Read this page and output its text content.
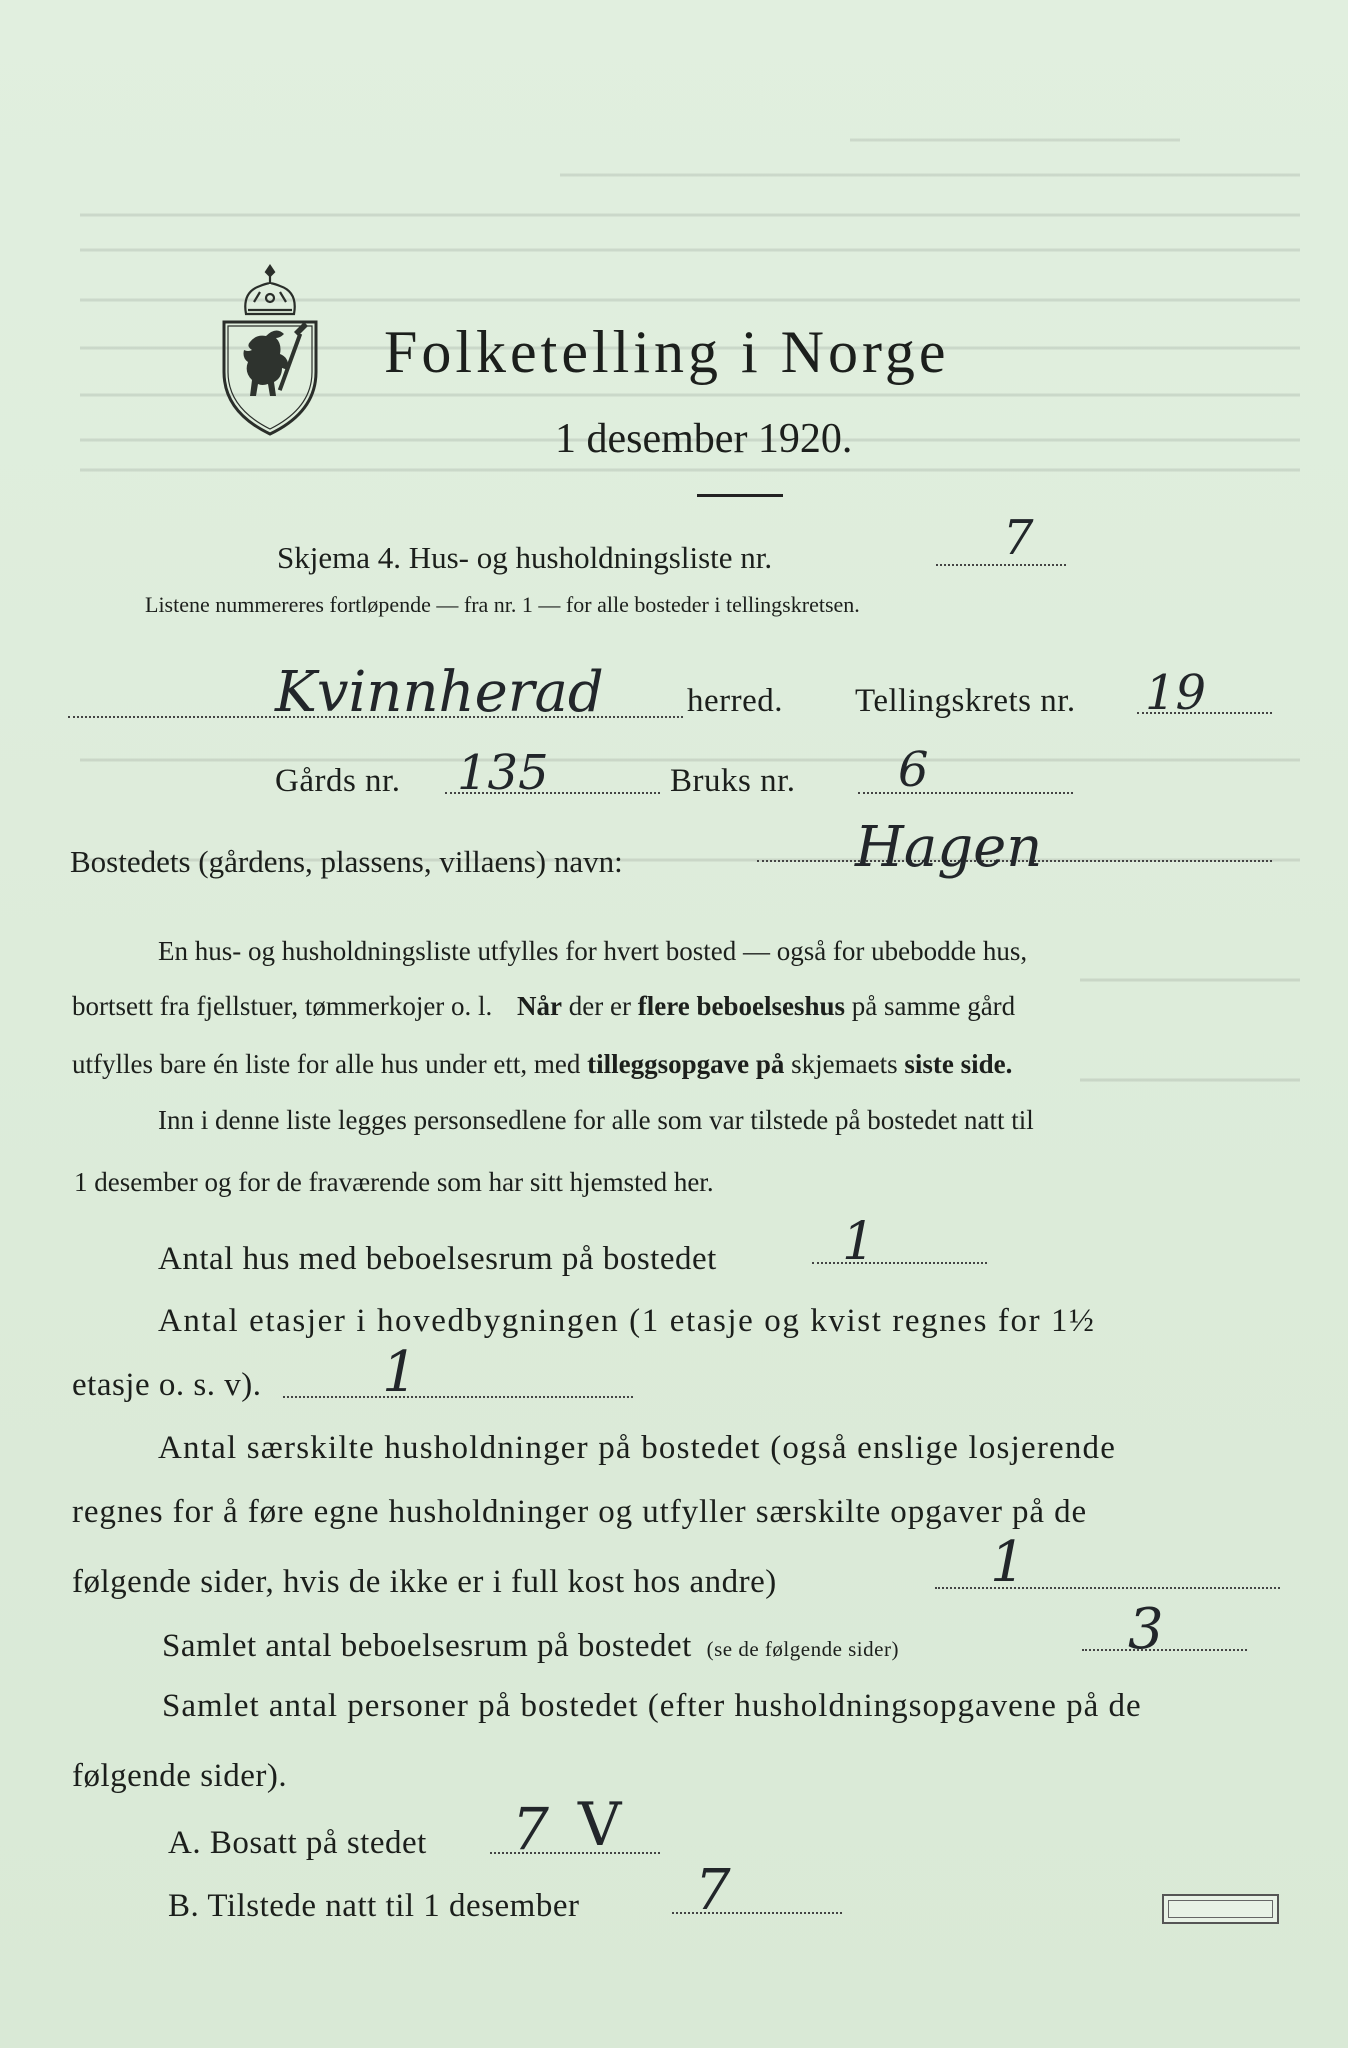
Folketelling i Norge
1 desember 1920.
Skjema 4. Hus- og husholdningsliste nr.	7
Listene nummereres fortløpende — fra nr. 1 — for alle bosteder i tellingskretsen.
Kvinnherad	herred. Tellingskrets nr. 19
Gårds nr. 135	Bruks nr. 6
Bostedets (gårdens, plassens, villaens) navn:	Hagen
En hus- og husholdningsliste utfylles for hvert bosted — også for ubebodde hus,
bortsett fra fjellstuer, tømmerkojer o. l. Når der er flere beboelseshus på samme gård
utfylles bare én liste for alle hus under ett, med tilleggsopgave på skjemaets siste side.
Inn i denne liste legges personsedlene for alle som var tilstede på bostedet natt til
1 desember og for de fraværende som har sitt hjemsted her.
Antal hus med beboelsesrum på bostedet 1
Antal etasjer i hovedbygningen (1 etasje og kvist regnes for 1½
etasje o. s. v). 1
Antal særskilte husholdninger på bostedet (også enslige losjerende
regnes for å føre egne husholdninger og utfyller særskilte opgaver på de
følgende sider, hvis de ikke er i full kost hos andre)	1
Samlet antal beboelsesrum på bostedet (se de følgende sider)	3
Samlet antal personer på bostedet (efter husholdningsopgavene på de
følgende sider).
A. Bosatt på stedet 7 V
B. Tilstede natt til 1 desember 7
